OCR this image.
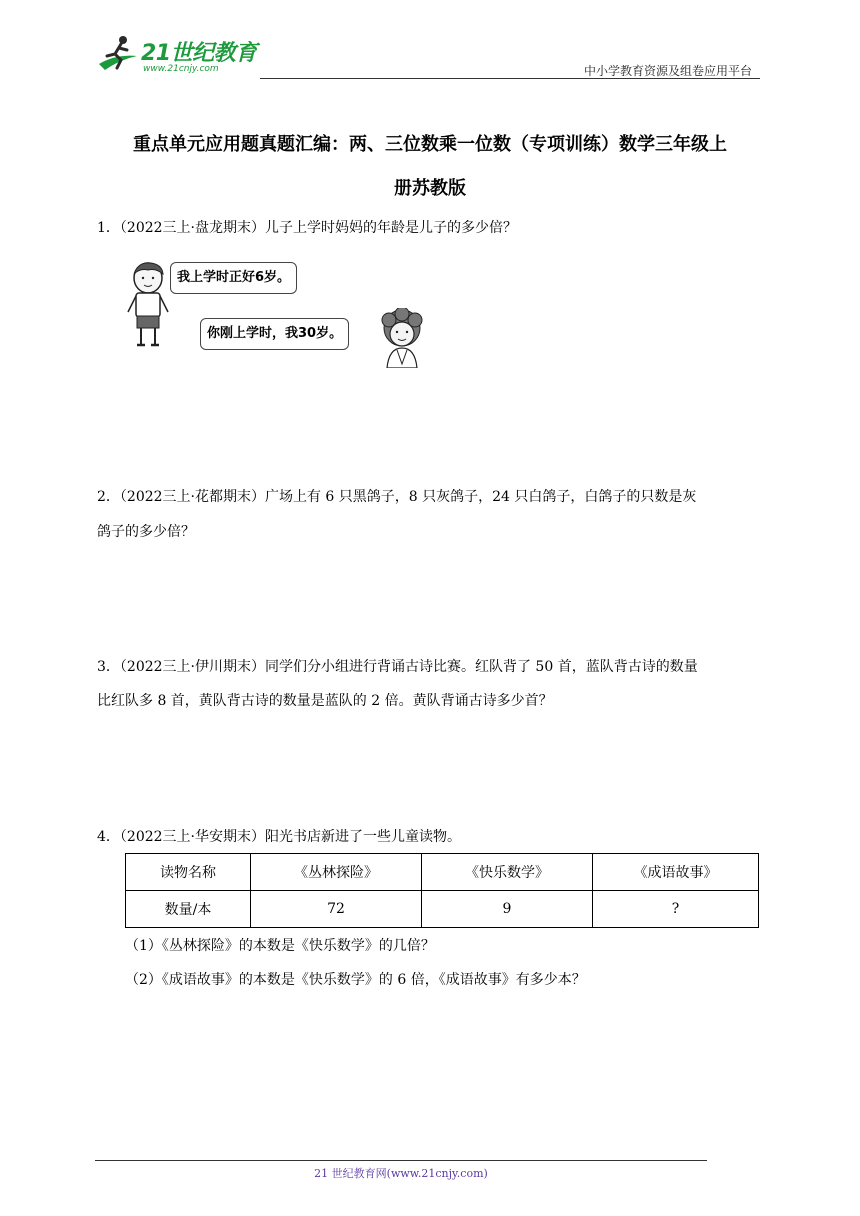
21世纪教育
www.21cnjy.com	中小学教育资源及组卷应用平台
重点单元应用题真题汇编：两、三位数乘一位数（专项训练）数学三年级上
册苏教版
1．（2022三上·盘龙期末）儿子上学时妈妈的年龄是儿子的多少倍？
我上学时正好6岁。
你刚上学时，我30岁。
2．（2022三上·花都期末）广场上有 6 只黑鸽子，8 只灰鸽子，24 只白鸽子，白鸽子的只数是灰
鸽子的多少倍？
3．（2022三上·伊川期末）同学们分小组进行背诵古诗比赛。红队背了 50 首，蓝队背古诗的数量
比红队多 8 首，黄队背古诗的数量是蓝队的 2 倍。黄队背诵古诗多少首？
4．（2022三上·华安期末）阳光书店新进了一些儿童读物。
读物名称	《丛林探险》	《快乐数学》	《成语故事》
数量/本	72	9	?
（1）《丛林探险》的本数是《快乐数学》的几倍？
（2）《成语故事》的本数是《快乐数学》的 6 倍，《成语故事》有多少本？
21 世纪教育网(www.21cnjy.com)
